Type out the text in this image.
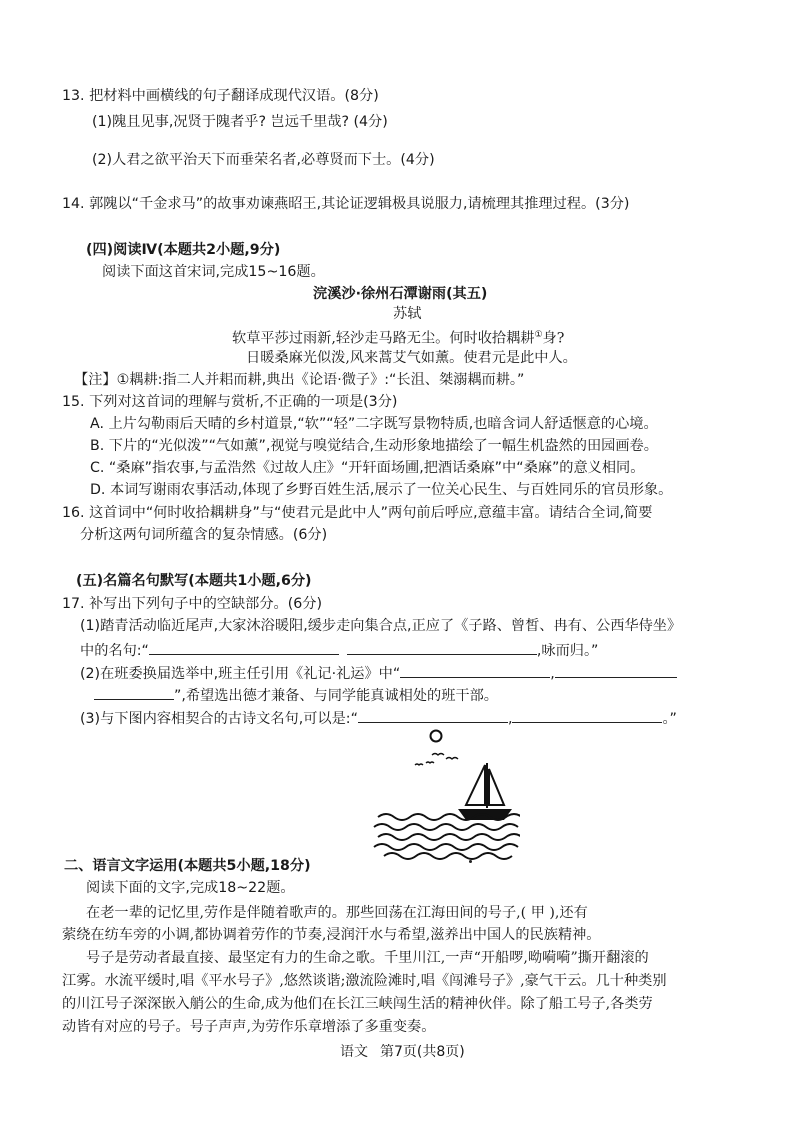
13. 把材料中画横线的句子翻译成现代汉语。(8分)
(1)隗且见事,况贤于隗者乎? 岂远千里哉? (4分)
(2)人君之欲平治天下而垂荣名者,必尊贤而下士。(4分)
14. 郭隗以“千金求马”的故事劝谏燕昭王,其论证逻辑极具说服力,请梳理其推理过程。(3分)
(四)阅读Ⅳ(本题共2小题,9分)
阅读下面这首宋词,完成15~16题。
浣溪沙·徐州石潭谢雨(其五)
苏轼
软草平莎过雨新,轻沙走马路无尘。何时收拾耦耕①身?
日暖桑麻光似泼,风来蒿艾气如薰。使君元是此中人。
【注】①耦耕:指二人并耜而耕,典出《论语·微子》:“长沮、桀溺耦而耕。”
15. 下列对这首词的理解与赏析,不正确的一项是(3分)
A. 上片勾勒雨后天晴的乡村道景,“软”“轻”二字既写景物特质,也暗含词人舒适惬意的心境。
B. 下片的“光似泼”“气如薰”,视觉与嗅觉结合,生动形象地描绘了一幅生机盎然的田园画卷。
C. “桑麻”指农事,与孟浩然《过故人庄》“开轩面场圃,把酒话桑麻”中“桑麻”的意义相同。
D. 本词写谢雨农事活动,体现了乡野百姓生活,展示了一位关心民生、与百姓同乐的官员形象。
16. 这首词中“何时收拾耦耕身”与“使君元是此中人”两句前后呼应,意蕴丰富。请结合全词,简要
分析这两句词所蕴含的复杂情感。(6分)
(五)名篇名句默写(本题共1小题,6分)
17. 补写出下列句子中的空缺部分。(6分)
(1)踏青活动临近尾声,大家沐浴暖阳,缓步走向集合点,正应了《子路、曾皙、冉有、公西华侍坐》
中的名句:“	,咏而归。”
(2)在班委换届选举中,班主任引用《礼记·礼运》中“	,
”,希望选出德才兼备、与同学能真诚相处的班干部。
(3)与下图内容相契合的古诗文名句,可以是:“	,	。”
二、语言文字运用(本题共5小题,18分)
阅读下面的文字,完成18~22题。
在老一辈的记忆里,劳作是伴随着歌声的。那些回荡在江海田间的号子,( 甲 ),还有
萦绕在纺车旁的小调,都协调着劳作的节奏,浸润汗水与希望,滋养出中国人的民族精神。
号子是劳动者最直接、最坚定有力的生命之歌。千里川江,一声“开船啰,呦嗬嗬”撕开翻滚的
江雾。水流平缓时,唱《平水号子》,悠然谈谐;激流险滩时,唱《闯滩号子》,豪气干云。几十种类别
的川江号子深深嵌入艄公的生命,成为他们在长江三峡闯生活的精神伙伴。除了船工号子,各类劳
动皆有对应的号子。号子声声,为劳作乐章增添了多重变奏。
语文 第7页(共8页)
